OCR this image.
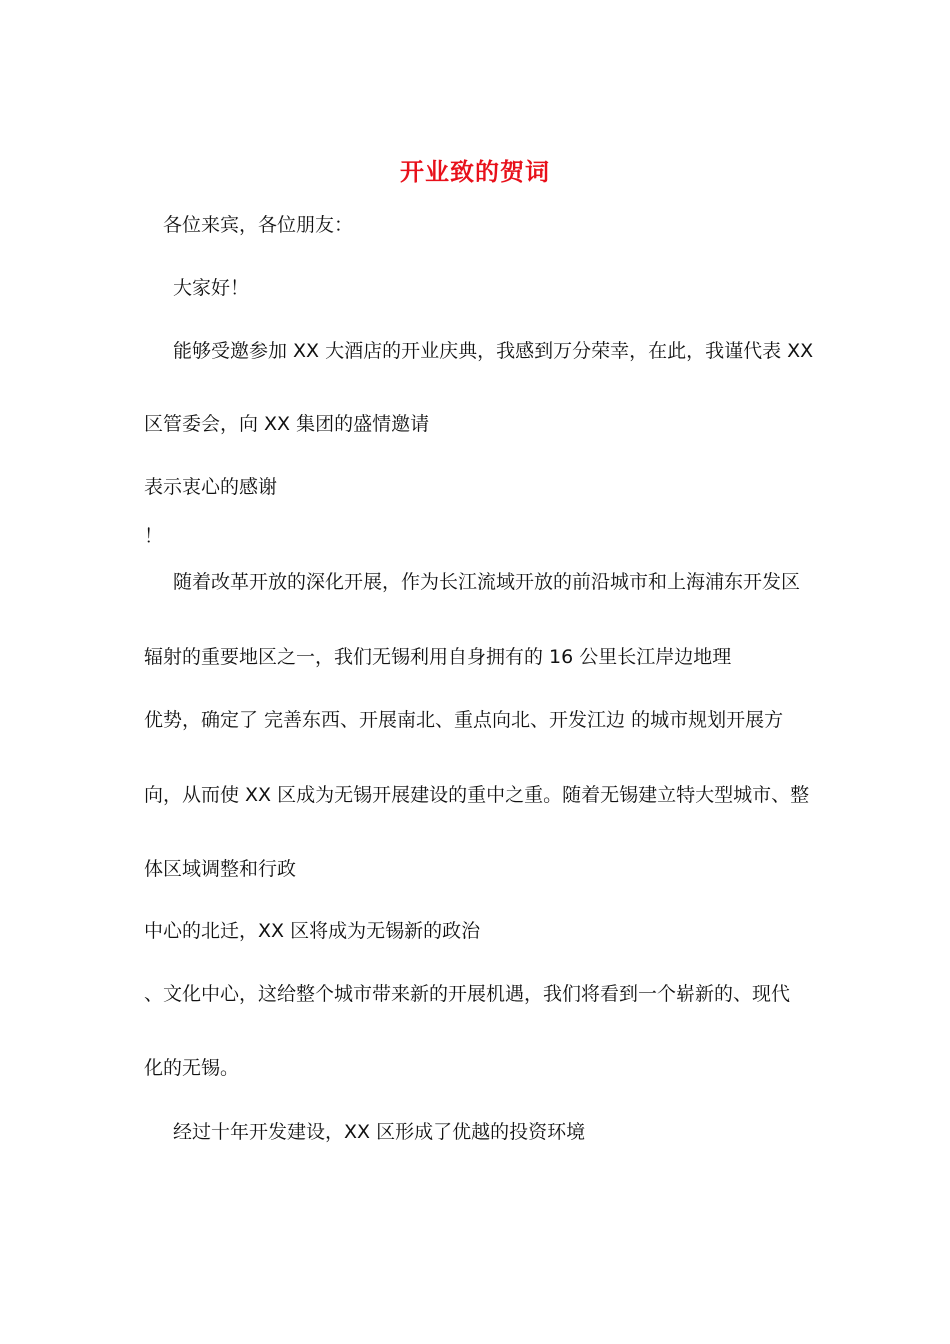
开业致的贺词

各位来宾，各位朋友：

大家好！

能够受邀参加 XX 大酒店的开业庆典，我感到万分荣幸，在此，我谨代表 XX

区管委会，向 XX 集团的盛情邀请

表示衷心的感谢

！

随着改革开放的深化开展，作为长江流域开放的前沿城市和上海浦东开发区

辐射的重要地区之一，我们无锡利用自身拥有的 16 公里长江岸边地理

优势，确定了 完善东西、开展南北、重点向北、开发江边 的城市规划开展方

向，从而使 XX 区成为无锡开展建设的重中之重。随着无锡建立特大型城市、整

体区域调整和行政

中心的北迁，XX 区将成为无锡新的政治

、文化中心，这给整个城市带来新的开展机遇，我们将看到一个崭新的、现代

化的无锡。

经过十年开发建设，XX 区形成了优越的投资环境
